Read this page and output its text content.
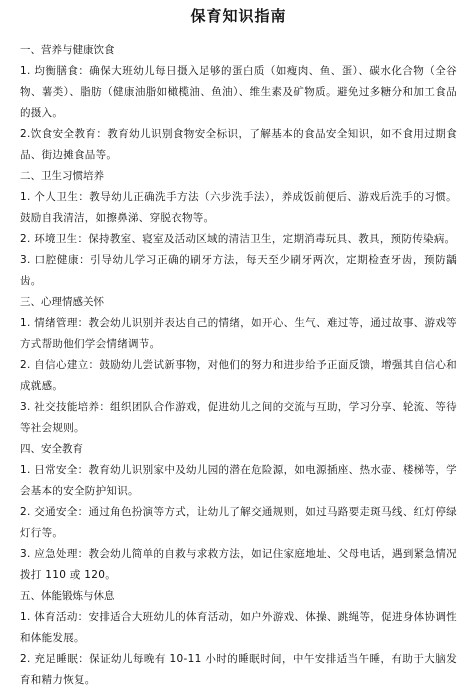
保育知识指南
一、营养与健康饮食

1. 均衡膳食：确保大班幼儿每日摄入足够的蛋白质（如瘦肉、鱼、蛋）、碳水化合物（全谷物、薯类）、脂肪（健康油脂如橄榄油、鱼油）、维生素及矿物质。避免过多糖分和加工食品的摄入。

2.饮食安全教育：教育幼儿识别食物安全标识，了解基本的食品安全知识，如不食用过期食品、街边摊食品等。

二、卫生习惯培养

1. 个人卫生：教导幼儿正确洗手方法（六步洗手法），养成饭前便后、游戏后洗手的习惯。鼓励自我清洁，如擦鼻涕、穿脱衣物等。

2. 环境卫生：保持教室、寝室及活动区域的清洁卫生，定期消毒玩具、教具，预防传染病。

3. 口腔健康：引导幼儿学习正确的刷牙方法，每天至少刷牙两次，定期检查牙齿，预防龋齿。

三、心理情感关怀

1. 情绪管理：教会幼儿识别并表达自己的情绪，如开心、生气、难过等，通过故事、游戏等方式帮助他们学会情绪调节。

2. 自信心建立：鼓励幼儿尝试新事物，对他们的努力和进步给予正面反馈，增强其自信心和成就感。

3. 社交技能培养：组织团队合作游戏，促进幼儿之间的交流与互助，学习分享、轮流、等待等社会规则。

四、安全教育

1. 日常安全：教育幼儿识别家中及幼儿园的潜在危险源，如电源插座、热水壶、楼梯等，学会基本的安全防护知识。

2. 交通安全：通过角色扮演等方式，让幼儿了解交通规则，如过马路要走斑马线、红灯停绿灯行等。

3. 应急处理：教会幼儿简单的自救与求救方法，如记住家庭地址、父母电话，遇到紧急情况拨打 110 或 120。

五、体能锻炼与休息

1. 体育活动：安排适合大班幼儿的体育活动，如户外游戏、体操、跳绳等，促进身体协调性和体能发展。

2. 充足睡眠：保证幼儿每晚有 10-11 小时的睡眠时间，中午安排适当午睡，有助于大脑发育和精力恢复。
